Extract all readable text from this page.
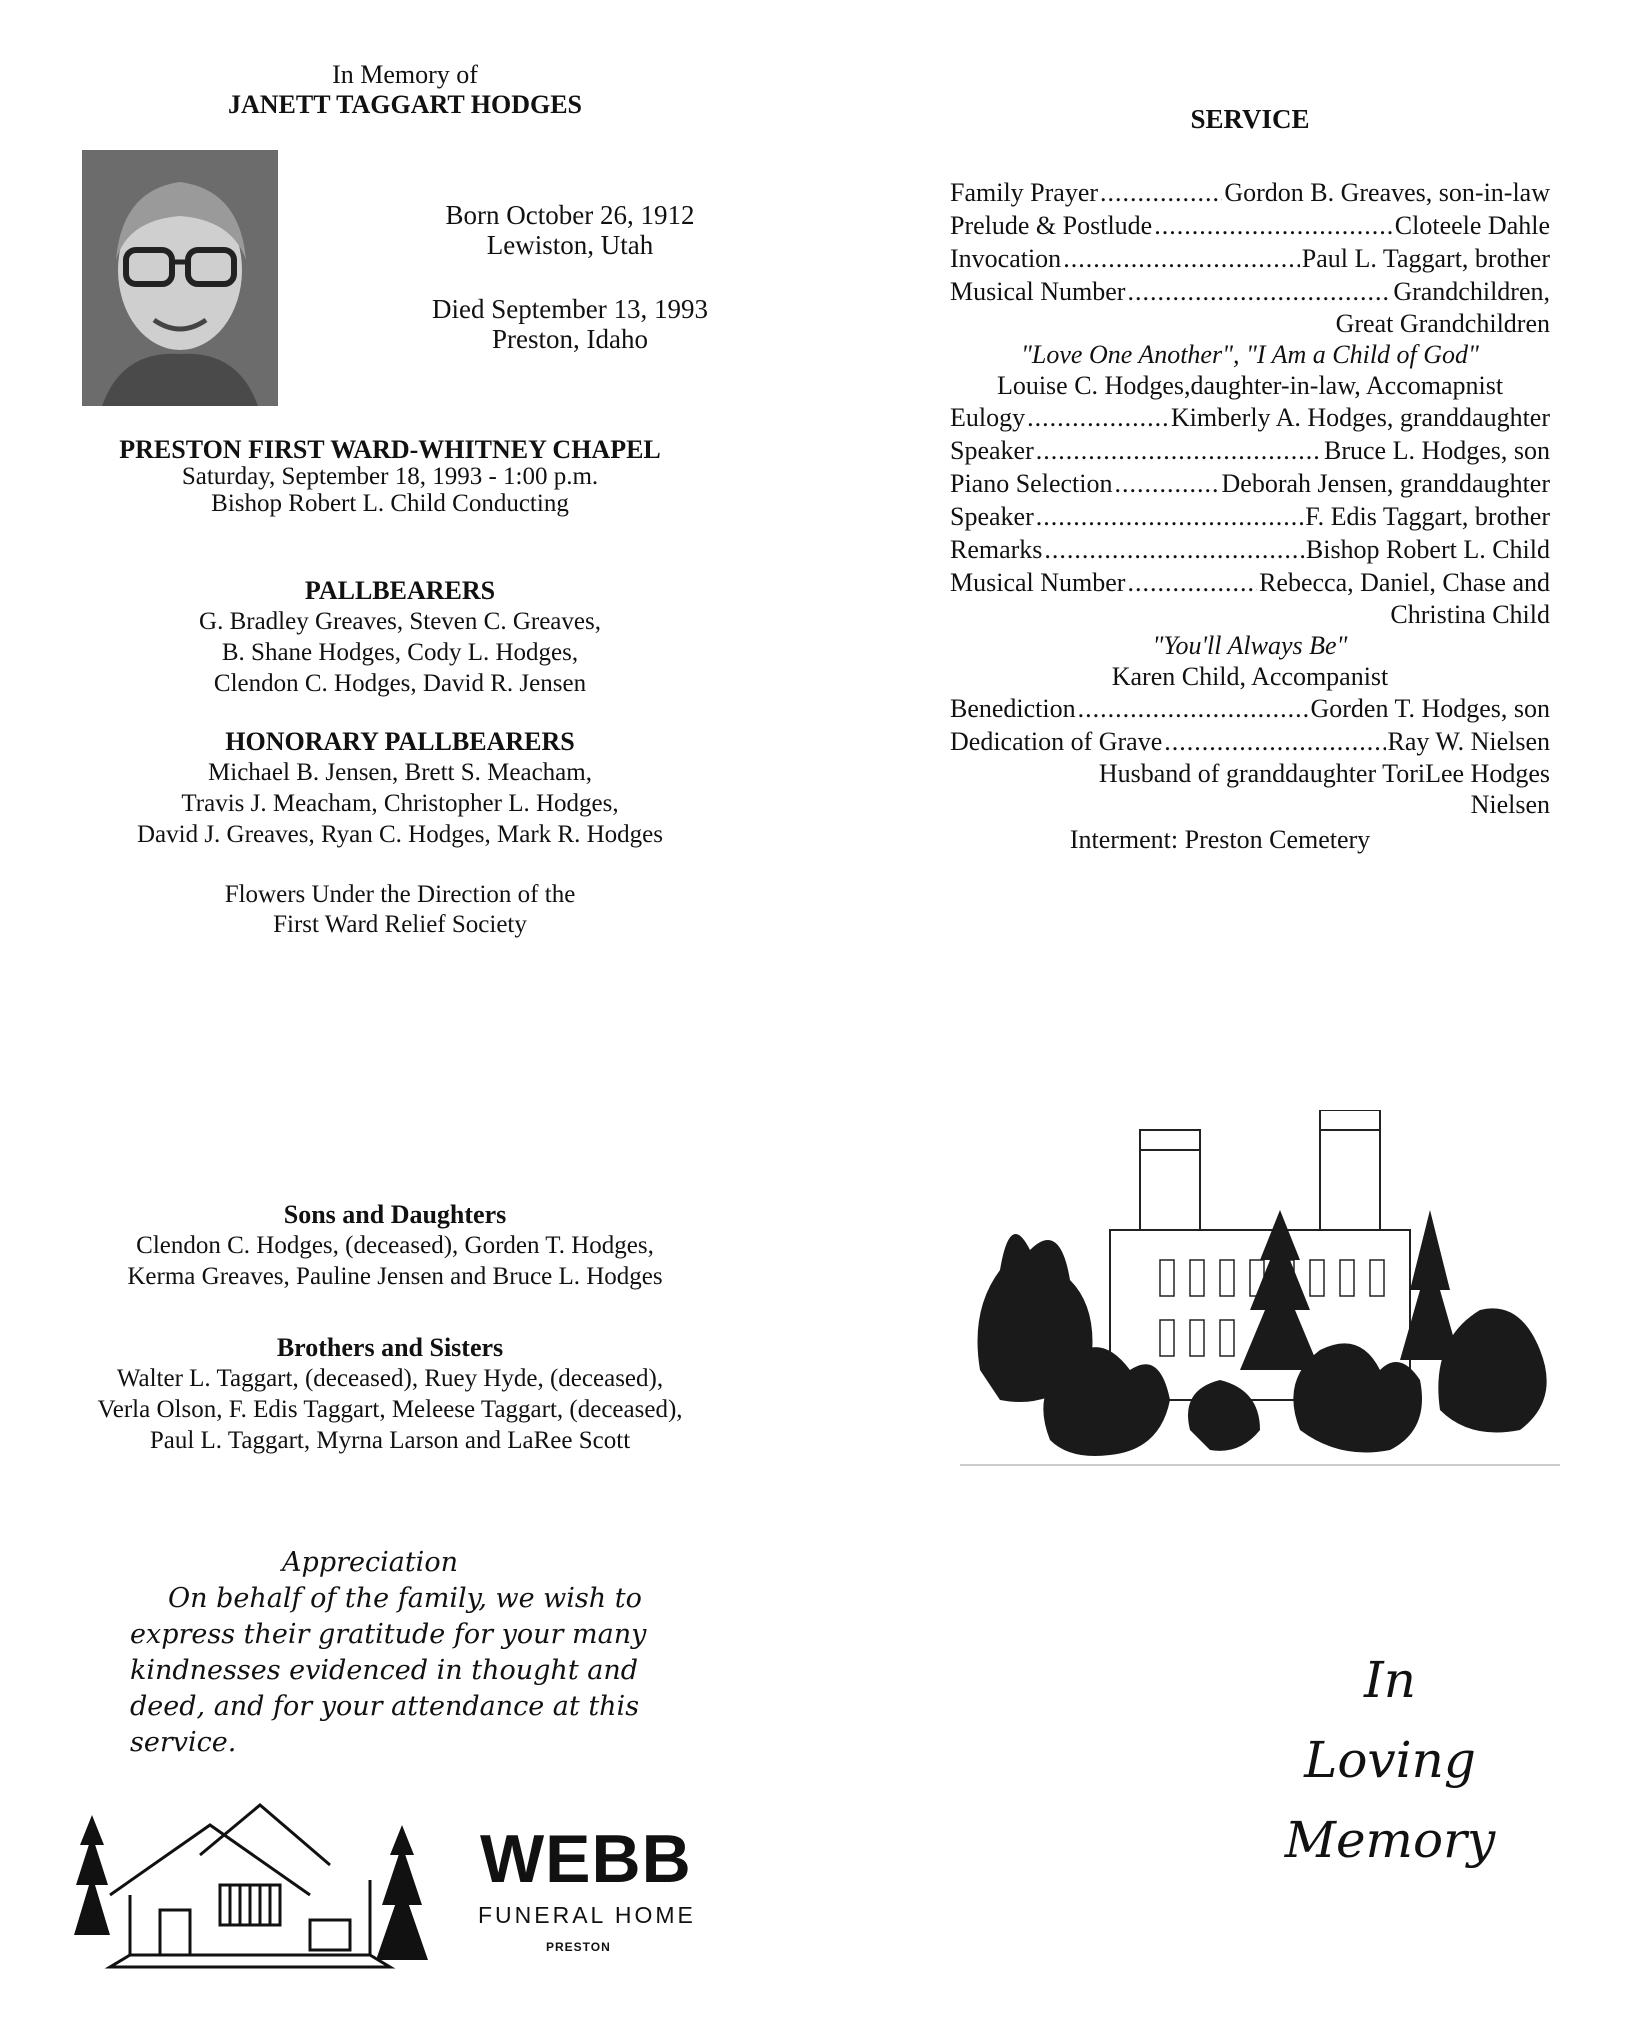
In Memory of
JANETT TAGGART HODGES
Born October 26, 1912
Lewiston, Utah
Died September 13, 1993
Preston, Idaho
PRESTON FIRST WARD-WHITNEY CHAPEL
Saturday, September 18, 1993 - 1:00 p.m.
Bishop Robert L. Child Conducting
PALLBEARERS
G. Bradley Greaves, Steven C. Greaves,
B. Shane Hodges, Cody L. Hodges,
Clendon C. Hodges, David R. Jensen
HONORARY PALLBEARERS
Michael B. Jensen, Brett S. Meacham,
Travis J. Meacham, Christopher L. Hodges,
David J. Greaves, Ryan C. Hodges, Mark R. Hodges
Flowers Under the Direction of the
First Ward Relief Society
SERVICE
Family Prayer .....	Gordon B. Greaves, son-in-law
Prelude & Postlude .....	Cloteele Dahle
Invocation .....	Paul L. Taggart, brother
Musical Number .....	Grandchildren,
Great Grandchildren
"Love One Another", "I Am a Child of God"
Louise C. Hodges,daughter-in-law, Accomapnist
Eulogy .....	Kimberly A. Hodges, granddaughter
Speaker .....	Bruce L. Hodges, son
Piano Selection .....	Deborah Jensen, granddaughter
Speaker .....	F. Edis Taggart, brother
Remarks .....	Bishop Robert L. Child
Musical Number .....	Rebecca, Daniel, Chase and
Christina Child
"You'll Always Be"
Karen Child, Accompanist
Benediction .....	Gorden T. Hodges, son
Dedication of Grave .....	Ray W. Nielsen
Husband of granddaughter ToriLee Hodges
Nielsen
Interment: Preston Cemetery
Sons and Daughters
Clendon C. Hodges, (deceased), Gorden T. Hodges,
Kerma Greaves, Pauline Jensen and Bruce L. Hodges
Brothers and Sisters
Walter L. Taggart, (deceased), Ruey Hyde, (deceased),
Verla Olson, F. Edis Taggart, Meleese Taggart, (deceased),
Paul L. Taggart, Myrna Larson and LaRee Scott
Appreciation
On behalf of the family, we wish to express their gratitude for your many kindnesses evidenced in thought and deed, and for your attendance at this service.
WEBB
FUNERAL HOME
PRESTON
In
Loving
Memory
